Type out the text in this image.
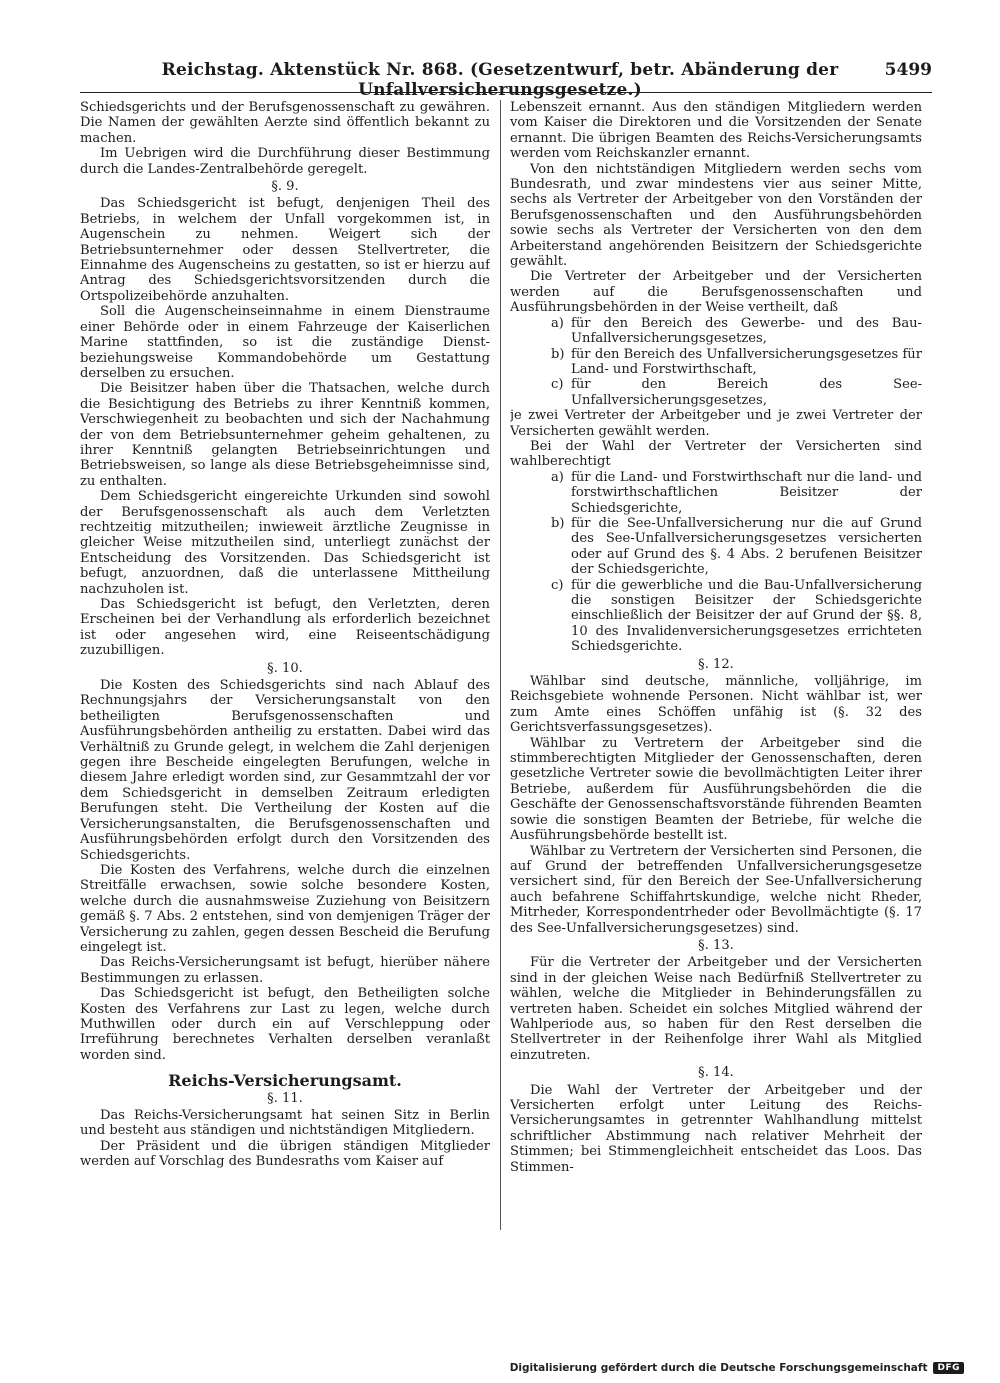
Reichstag. Aktenstück Nr. 868. (Gesetzentwurf, betr. Abänderung der Unfallversicherungsgesetze.)
5499

Schiedsgerichts und der Berufsgenossenschaft zu gewähren. Die Namen der gewählten Aerzte sind öffentlich bekannt zu machen.

Im Uebrigen wird die Durchführung dieser Bestimmung durch die Landes-Zentralbehörde geregelt.

§. 9.

Das Schiedsgericht ist befugt, denjenigen Theil des Betriebs, in welchem der Unfall vorgekommen ist, in Augenschein zu nehmen. Weigert sich der Betriebsunternehmer oder dessen Stellvertreter, die Einnahme des Augenscheins zu gestatten, so ist er hierzu auf Antrag des Schiedsgerichtsvorsitzenden durch die Ortspolizeibehörde anzuhalten.

Soll die Augenscheinseinnahme in einem Dienstraume einer Behörde oder in einem Fahrzeuge der Kaiserlichen Marine stattfinden, so ist die zuständige Dienst- beziehungsweise Kommandobehörde um Gestattung derselben zu ersuchen.

Die Beisitzer haben über die Thatsachen, welche durch die Besichtigung des Betriebs zu ihrer Kenntniß kommen, Verschwiegenheit zu beobachten und sich der Nachahmung der von dem Betriebsunternehmer geheim gehaltenen, zu ihrer Kenntniß gelangten Betriebseinrichtungen und Betriebsweisen, so lange als diese Betriebsgeheimnisse sind, zu enthalten.

Dem Schiedsgericht eingereichte Urkunden sind sowohl der Berufsgenossenschaft als auch dem Verletzten rechtzeitig mitzutheilen; inwieweit ärztliche Zeugnisse in gleicher Weise mitzutheilen sind, unterliegt zunächst der Entscheidung des Vorsitzenden. Das Schiedsgericht ist befugt, anzuordnen, daß die unterlassene Mittheilung nachzuholen ist.

Das Schiedsgericht ist befugt, den Verletzten, deren Erscheinen bei der Verhandlung als erforderlich bezeichnet ist oder angesehen wird, eine Reiseentschädigung zuzubilligen.

§. 10.

Die Kosten des Schiedsgerichts sind nach Ablauf des Rechnungsjahrs der Versicherungsanstalt von den betheiligten Berufsgenossenschaften und Ausführungsbehörden antheilig zu erstatten. Dabei wird das Verhältniß zu Grunde gelegt, in welchem die Zahl derjenigen gegen ihre Bescheide eingelegten Berufungen, welche in diesem Jahre erledigt worden sind, zur Gesammtzahl der vor dem Schiedsgericht in demselben Zeitraum erledigten Berufungen steht. Die Vertheilung der Kosten auf die Versicherungsanstalten, die Berufsgenossenschaften und Ausführungsbehörden erfolgt durch den Vorsitzenden des Schiedsgerichts.

Die Kosten des Verfahrens, welche durch die einzelnen Streitfälle erwachsen, sowie solche besondere Kosten, welche durch die ausnahmsweise Zuziehung von Beisitzern gemäß §. 7 Abs. 2 entstehen, sind von demjenigen Träger der Versicherung zu zahlen, gegen dessen Bescheid die Berufung eingelegt ist.

Das Reichs-Versicherungsamt ist befugt, hierüber nähere Bestimmungen zu erlassen.

Das Schiedsgericht ist befugt, den Betheiligten solche Kosten des Verfahrens zur Last zu legen, welche durch Muthwillen oder durch ein auf Verschleppung oder Irreführung berechnetes Verhalten derselben veranlaßt worden sind.

Reichs-Versicherungsamt.
§. 11.

Das Reichs-Versicherungsamt hat seinen Sitz in Berlin und besteht aus ständigen und nichtständigen Mitgliedern.

Der Präsident und die übrigen ständigen Mitglieder werden auf Vorschlag des Bundesraths vom Kaiser auf

Lebenszeit ernannt. Aus den ständigen Mitgliedern werden vom Kaiser die Direktoren und die Vorsitzenden der Senate ernannt. Die übrigen Beamten des Reichs-Versicherungsamts werden vom Reichskanzler ernannt.

Von den nichtständigen Mitgliedern werden sechs vom Bundesrath, und zwar mindestens vier aus seiner Mitte, sechs als Vertreter der Arbeitgeber von den Vorständen der Berufsgenossenschaften und den Ausführungsbehörden sowie sechs als Vertreter der Versicherten von den dem Arbeiterstand angehörenden Beisitzern der Schiedsgerichte gewählt.

Die Vertreter der Arbeitgeber und der Versicherten werden auf die Berufsgenossenschaften und Ausführungsbehörden in der Weise vertheilt, daß

a) für den Bereich des Gewerbe- und des Bau-Unfallversicherungsgesetzes,
b) für den Bereich des Unfallversicherungsgesetzes für Land- und Forstwirthschaft,
c) für den Bereich des See-Unfallversicherungsgesetzes,

je zwei Vertreter der Arbeitgeber und je zwei Vertreter der Versicherten gewählt werden.

Bei der Wahl der Vertreter der Versicherten sind wahlberechtigt

a) für die Land- und Forstwirthschaft nur die land- und forstwirthschaftlichen Beisitzer der Schiedsgerichte,
b) für die See-Unfallversicherung nur die auf Grund des See-Unfallversicherungsgesetzes versicherten oder auf Grund des §. 4 Abs. 2 berufenen Beisitzer der Schiedsgerichte,
c) für die gewerbliche und die Bau-Unfallversicherung die sonstigen Beisitzer der Schiedsgerichte einschließlich der Beisitzer der auf Grund der §§. 8, 10 des Invalidenversicherungsgesetzes errichteten Schiedsgerichte.
§. 12.

Wählbar sind deutsche, männliche, volljährige, im Reichsgebiete wohnende Personen. Nicht wählbar ist, wer zum Amte eines Schöffen unfähig ist (§. 32 des Gerichtsverfassungsgesetzes).

Wählbar zu Vertretern der Arbeitgeber sind die stimmberechtigten Mitglieder der Genossenschaften, deren gesetzliche Vertreter sowie die bevollmächtigten Leiter ihrer Betriebe, außerdem für Ausführungsbehörden die die Geschäfte der Genossenschaftsvorstände führenden Beamten sowie die sonstigen Beamten der Betriebe, für welche die Ausführungsbehörde bestellt ist.

Wählbar zu Vertretern der Versicherten sind Personen, die auf Grund der betreffenden Unfallversicherungsgesetze versichert sind, für den Bereich der See-Unfallversicherung auch befahrene Schiffahrtskundige, welche nicht Rheder, Mitrheder, Korrespondentrheder oder Bevollmächtigte (§. 17 des See-Unfallversicherungsgesetzes) sind.

§. 13.

Für die Vertreter der Arbeitgeber und der Versicherten sind in der gleichen Weise nach Bedürfniß Stellvertreter zu wählen, welche die Mitglieder in Behinderungsfällen zu vertreten haben. Scheidet ein solches Mitglied während der Wahlperiode aus, so haben für den Rest derselben die Stellvertreter in der Reihenfolge ihrer Wahl als Mitglied einzutreten.

§. 14.

Die Wahl der Vertreter der Arbeitgeber und der Versicherten erfolgt unter Leitung des Reichs-Versicherungsamtes in getrennter Wahlhandlung mittelst schriftlicher Abstimmung nach relativer Mehrheit der Stimmen; bei Stimmengleichheit entscheidet das Loos. Das Stimmen-

Digitalisierung gefördert durch die Deutsche Forschungsgemeinschaft	DFG
